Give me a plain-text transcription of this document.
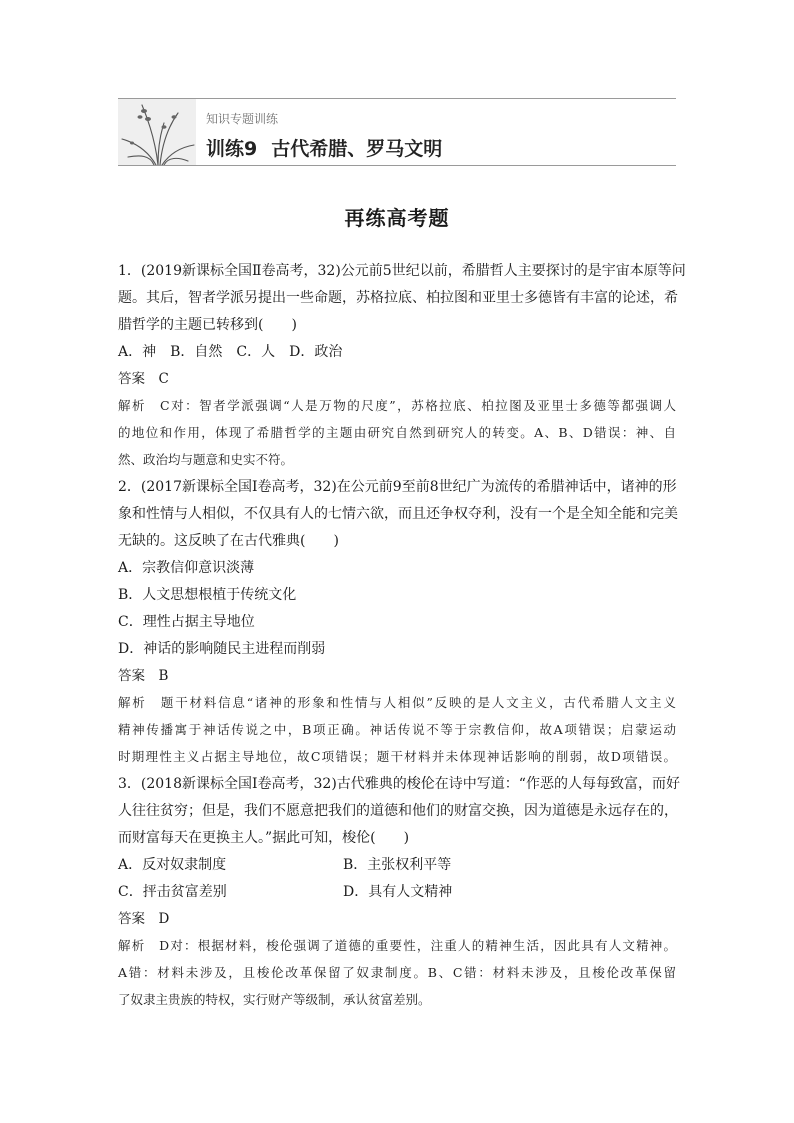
知识专题训练
训练9 古代希腊、罗马文明
再练高考题
1．(2019新课标全国Ⅱ卷高考，32)公元前5世纪以前，希腊哲人主要探讨的是宇宙本原等问
题。其后，智者学派另提出一些命题，苏格拉底、柏拉图和亚里士多德皆有丰富的论述，希
腊哲学的主题已转移到(　　)
A．神　B．自然　C．人　D．政治
答案　 C
解析　C对：智者学派强调“人是万物的尺度”，苏格拉底、柏拉图及亚里士多德等都强调人
的地位和作用，体现了希腊哲学的主题由研究自然到研究人的转变。A、B、D错误：神、自
然、政治均与题意和史实不符。
2．(2017新课标全国Ⅰ卷高考，32)在公元前9至前8世纪广为流传的希腊神话中，诸神的形
象和性情与人相似，不仅具有人的七情六欲，而且还争权夺利，没有一个是全知全能和完美
无缺的。这反映了在古代雅典(　　)
A．宗教信仰意识淡薄
B．人文思想根植于传统文化
C．理性占据主导地位
D．神话的影响随民主进程而削弱
答案　 B
解析　题干材料信息“诸神的形象和性情与人相似”反映的是人文主义，古代希腊人文主义
精神传播寓于神话传说之中，B项正确。神话传说不等于宗教信仰，故A项错误；启蒙运动
时期理性主义占据主导地位，故C项错误；题干材料并未体现神话影响的削弱，故D项错误。
3．(2018新课标全国Ⅰ卷高考，32)古代雅典的梭伦在诗中写道：“作恶的人每每致富，而好
人往往贫穷；但是，我们不愿意把我们的道德和他们的财富交换，因为道德是永远存在的，
而财富每天在更换主人。”据此可知，梭伦(　　)
A．反对奴隶制度	B．主张权利平等
C．抨击贫富差别	D．具有人文精神
答案　 D
解析　D对：根据材料，梭伦强调了道德的重要性，注重人的精神生活，因此具有人文精神。
A错：材料未涉及，且梭伦改革保留了奴隶制度。B、C错：材料未涉及，且梭伦改革保留
了奴隶主贵族的特权，实行财产等级制，承认贫富差别。
